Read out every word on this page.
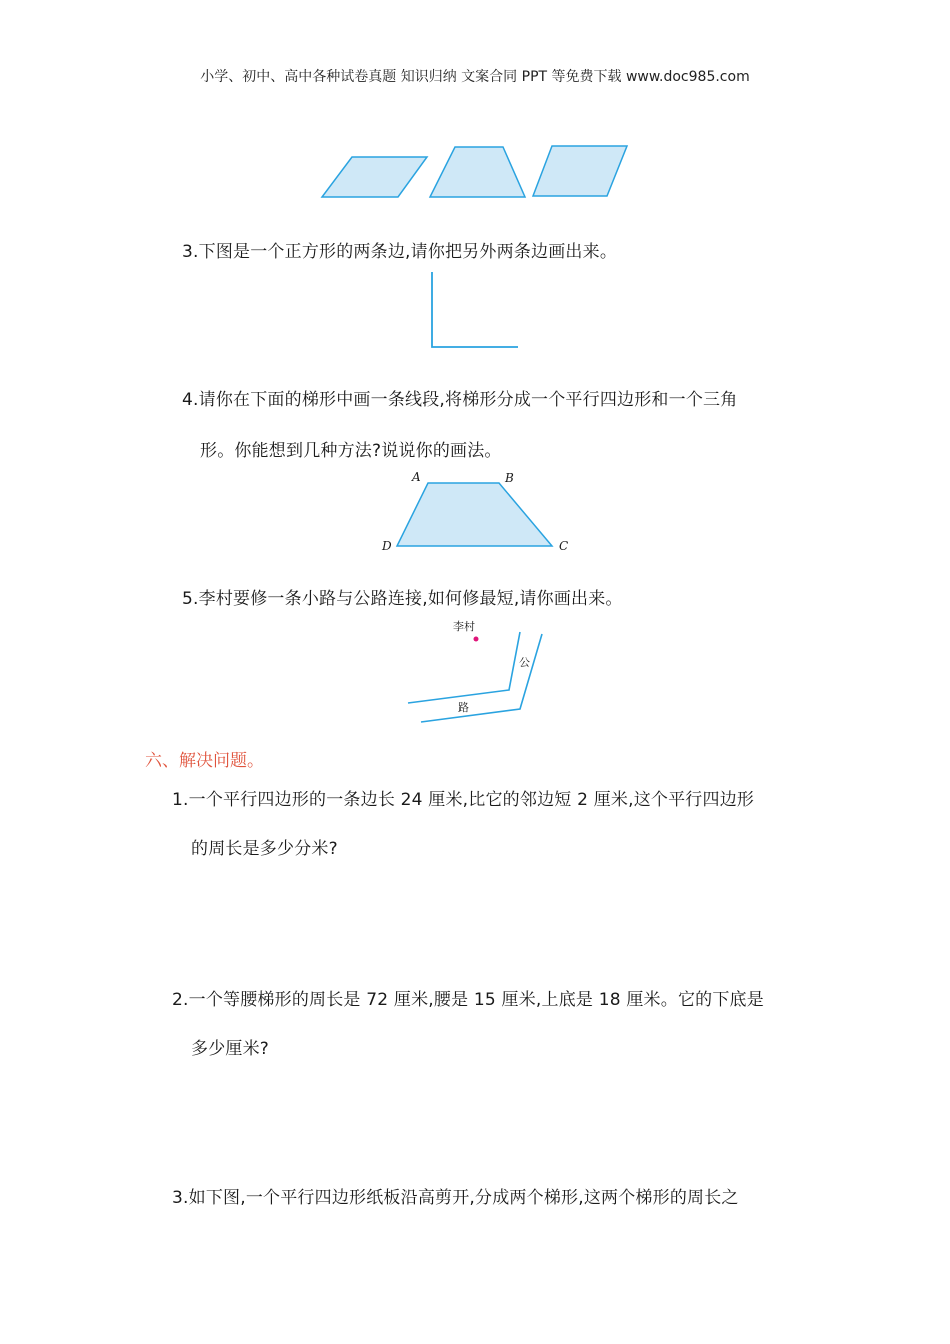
小学、初中、高中各种试卷真题 知识归纳 文案合同 PPT 等免费下载 www.doc985.com
A	B
C
D
李村
公
路
3.下图是一个正方形的两条边,请你把另外两条边画出来。
4.请你在下面的梯形中画一条线段,将梯形分成一个平行四边形和一个三角
形。你能想到几种方法?说说你的画法。
5.李村要修一条小路与公路连接,如何修最短,请你画出来。
六、解决问题。
1.一个平行四边形的一条边长 24 厘米,比它的邻边短 2 厘米,这个平行四边形
的周长是多少分米?
2.一个等腰梯形的周长是 72 厘米,腰是 15 厘米,上底是 18 厘米。它的下底是
多少厘米?
3.如下图,一个平行四边形纸板沿高剪开,分成两个梯形,这两个梯形的周长之
